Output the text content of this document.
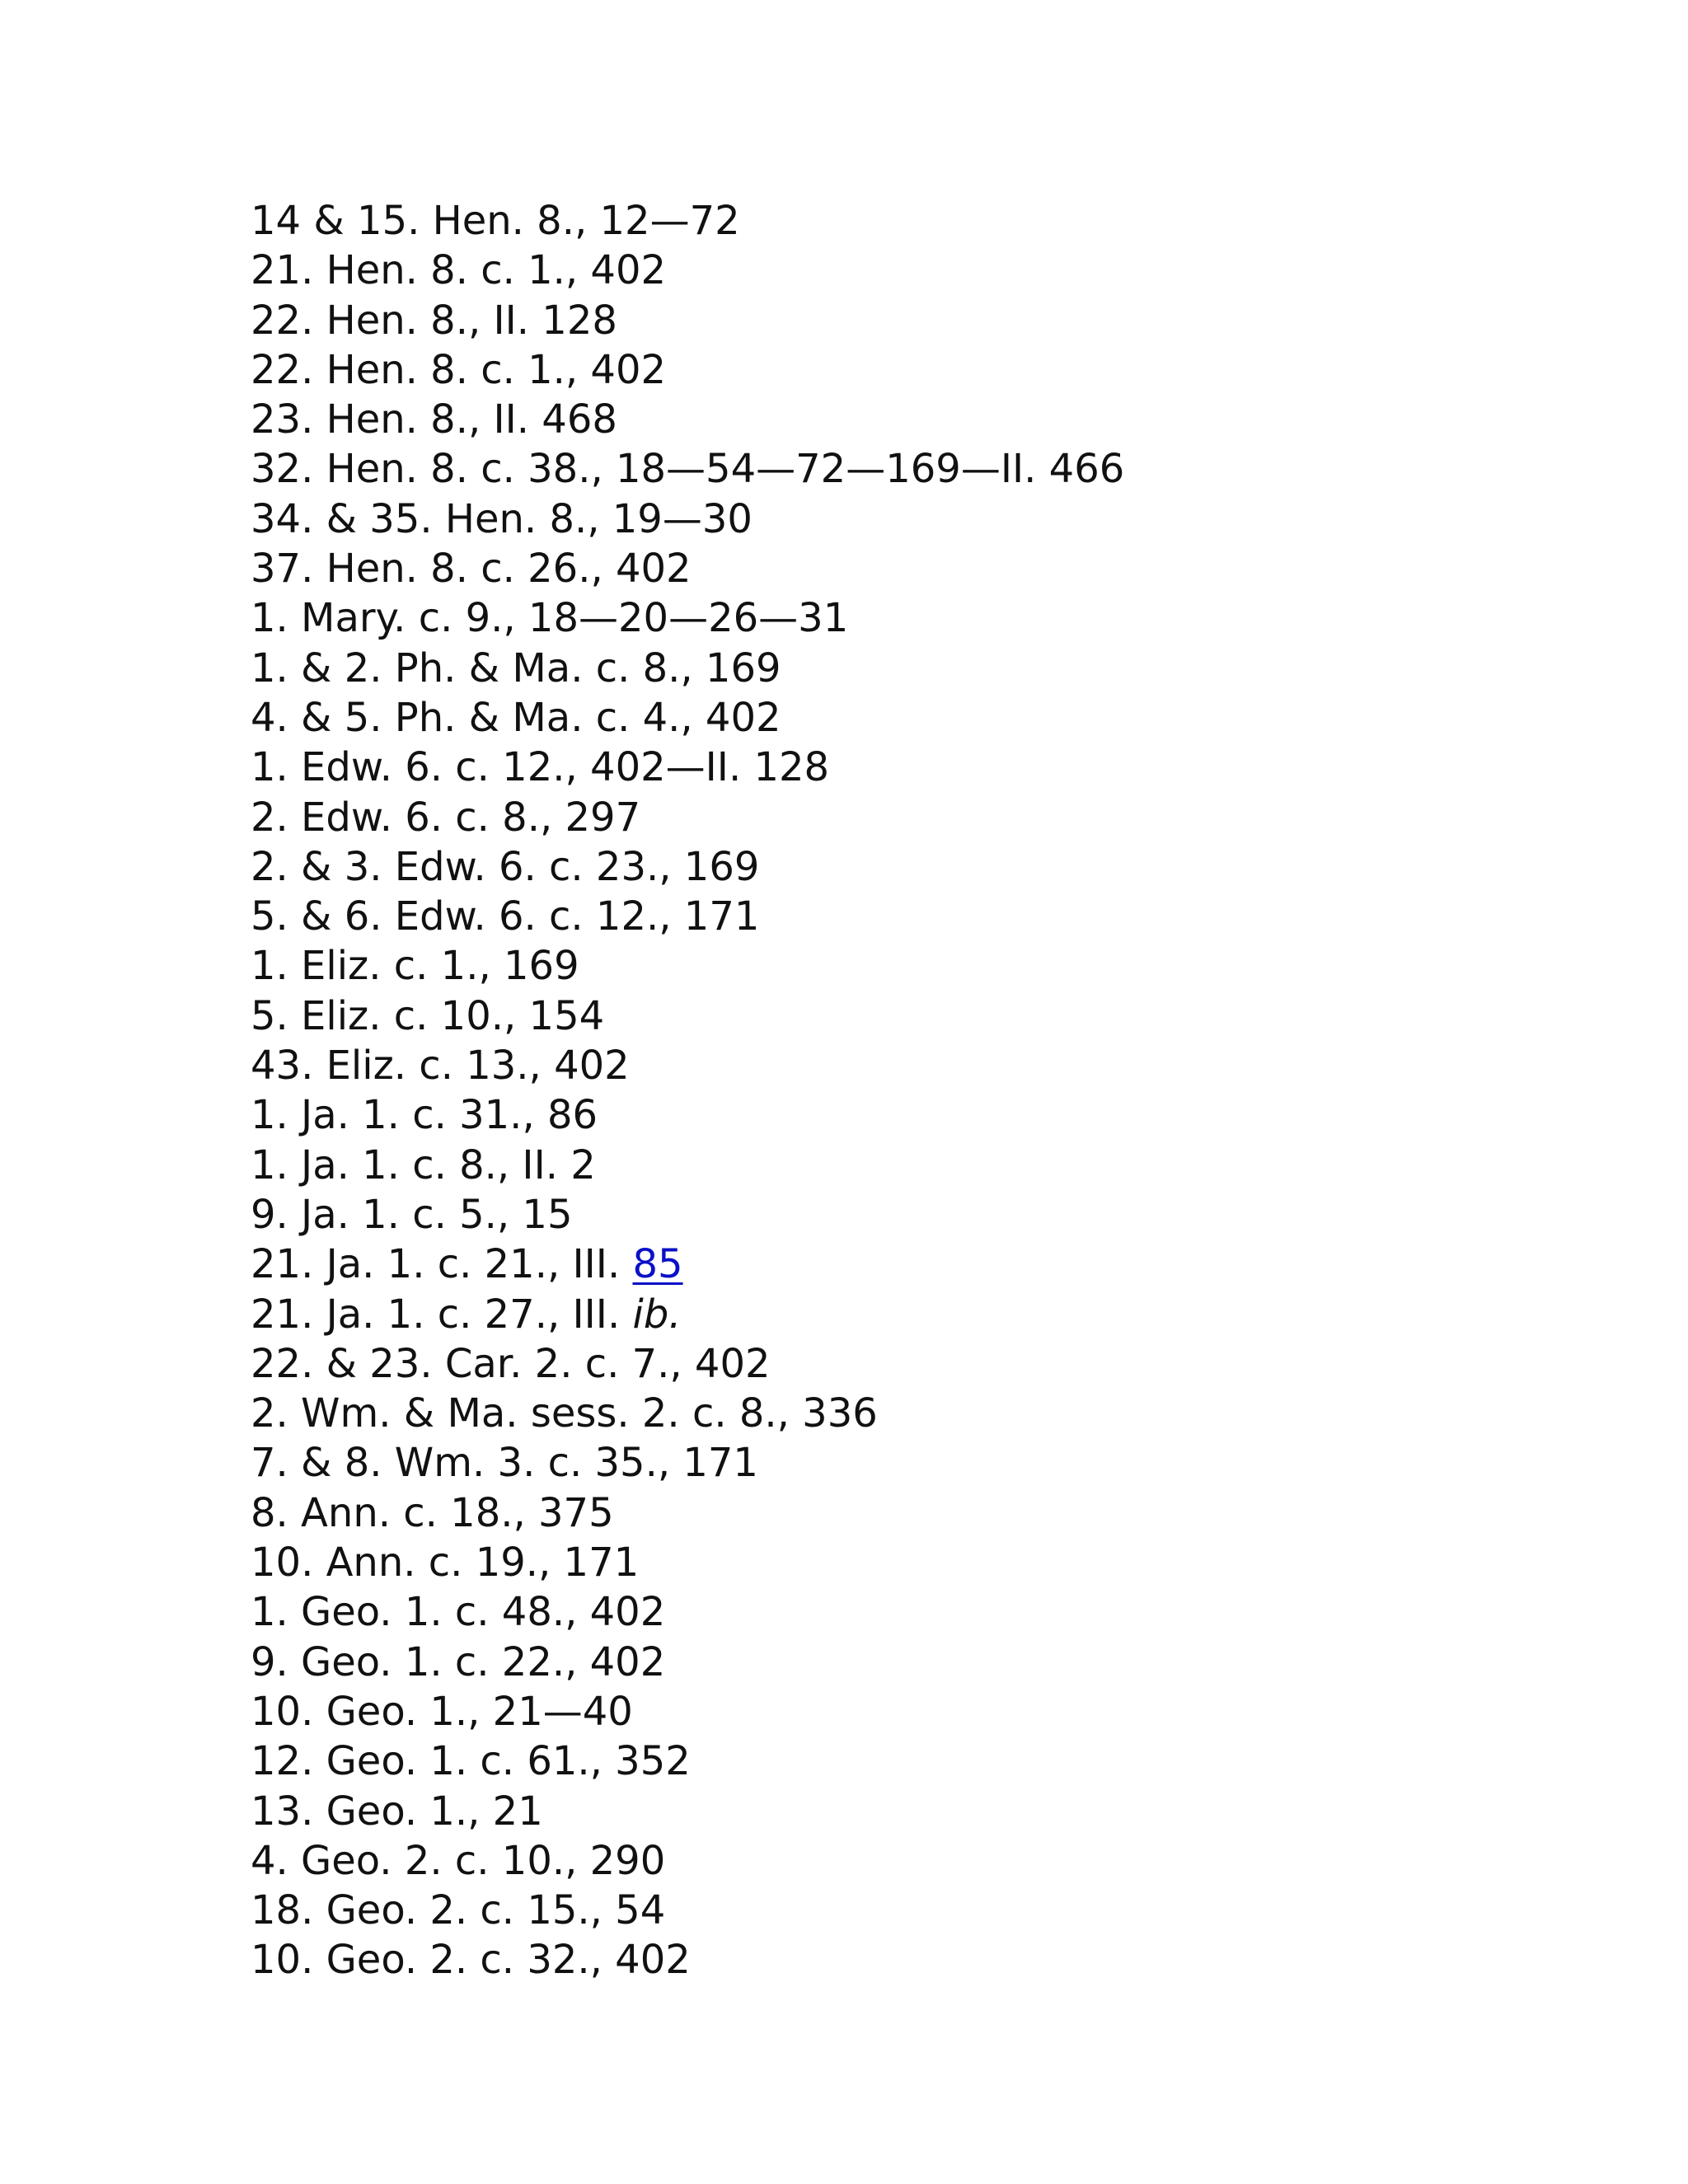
14 & 15. Hen. 8., 12—72
21. Hen. 8. c. 1., 402
22. Hen. 8., II. 128
22. Hen. 8. c. 1., 402
23. Hen. 8., II. 468
32. Hen. 8. c. 38., 18—54—72—169—II. 466
34. & 35. Hen. 8., 19—30
37. Hen. 8. c. 26., 402
1. Mary. c. 9., 18—20—26—31
1. & 2. Ph. & Ma. c. 8., 169
4. & 5. Ph. & Ma. c. 4., 402
1. Edw. 6. c. 12., 402—II. 128
2. Edw. 6. c. 8., 297
2. & 3. Edw. 6. c. 23., 169
5. & 6. Edw. 6. c. 12., 171
1. Eliz. c. 1., 169
5. Eliz. c. 10., 154
43. Eliz. c. 13., 402
1. Ja. 1. c. 31., 86
1. Ja. 1. c. 8., II. 2
9. Ja. 1. c. 5., 15
21. Ja. 1. c. 21., III. 85
21. Ja. 1. c. 27., III. ib.
22. & 23. Car. 2. c. 7., 402
2. Wm. & Ma. sess. 2. c. 8., 336
7. & 8. Wm. 3. c. 35., 171
8. Ann. c. 18., 375
10. Ann. c. 19., 171
1. Geo. 1. c. 48., 402
9. Geo. 1. c. 22., 402
10. Geo. 1., 21—40
12. Geo. 1. c. 61., 352
13. Geo. 1., 21
4. Geo. 2. c. 10., 290
18. Geo. 2. c. 15., 54
10. Geo. 2. c. 32., 402
